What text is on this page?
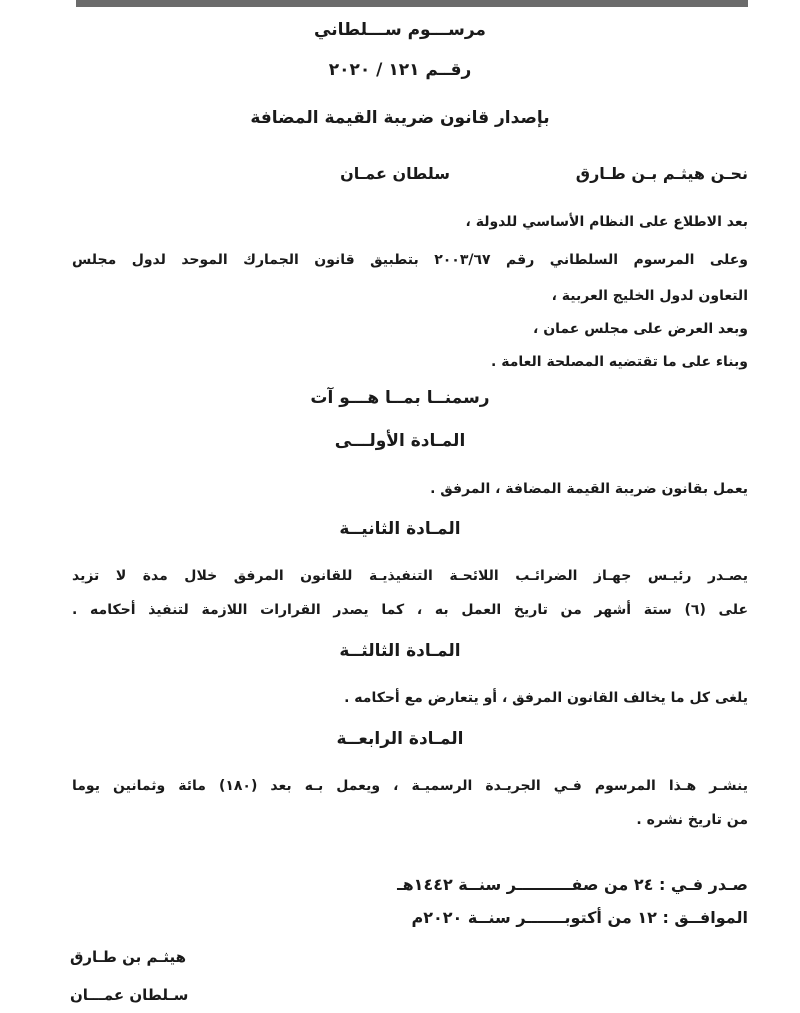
مرســـوم ســـلطاني
رقــم ١٢١ / ٢٠٢٠
بإصدار قانون ضريبة القيمة المضافة
نحـن هيثـم بـن طـارق
سلطان عمـان
بعد الاطلاع على النظام الأساسي للدولة ،
وعلى المرسوم السلطاني رقم ٢٠٠٣/٦٧ بتطبيق قانون الجمارك الموحد لدول مجلس
التعاون لدول الخليج العربية ،
وبعد العرض على مجلس عمان ،
وبناء على ما تقتضيه المصلحة العامة .
رسمنــا بمــا هـــو آت
المـادة الأولـــى
يعمل بقانون ضريبة القيمة المضافة ، المرفق .
المـادة الثانيــة
يصـدر رئيـس جهـاز الضرائـب اللائحـة التنفيذيـة للقانون المرفق خلال مدة لا تزيد
على (٦) ستة أشهر من تاريخ العمل به ، كما يصدر القرارات اللازمة لتنفيذ أحكامه .
المـادة الثالثــة
يلغى كل ما يخالف القانون المرفق ، أو يتعارض مع أحكامه .
المـادة الرابعــة
ينشـر هـذا المرسوم فـي الجريـدة الرسميـة ، ويعمل بـه بعد (١٨٠) مائة وثمانين يوما
من تاريخ نشره .
صـدر فـي : ٢٤ من صفــــــــــر سنــة ١٤٤٢هـ
الموافــق : ١٢ من أكتوبـــــــر سنــة ٢٠٢٠م
هيثـم بن طـارق
سـلطان عمـــان
